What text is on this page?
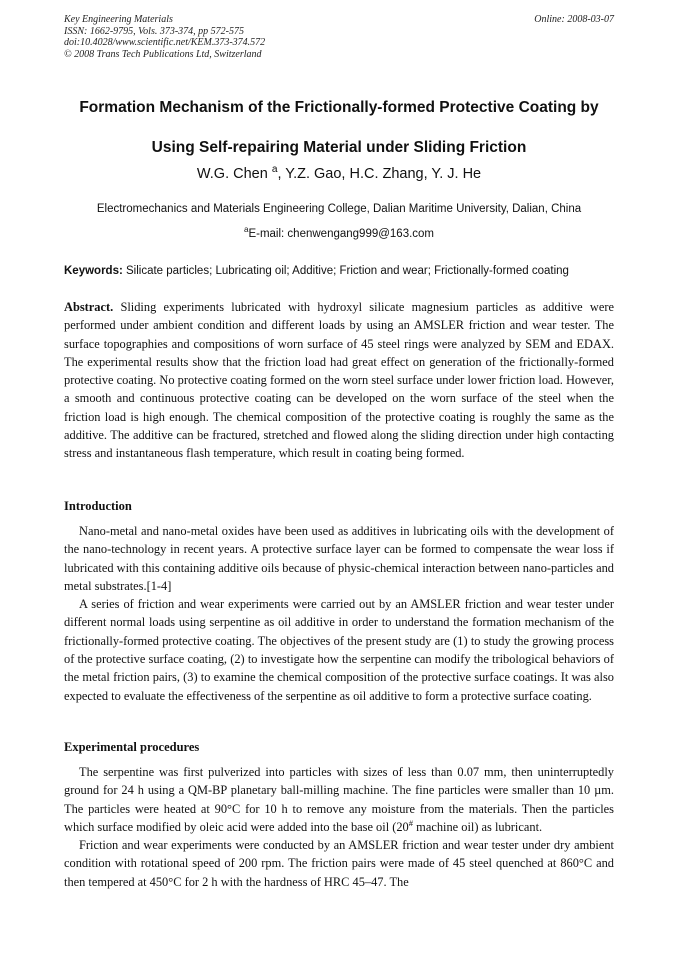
Key Engineering Materials
ISSN: 1662-9795, Vols. 373-374, pp 572-575
doi:10.4028/www.scientific.net/KEM.373-374.572
© 2008 Trans Tech Publications Ltd, Switzerland
Online: 2008-03-07
Formation Mechanism of the Frictionally-formed Protective Coating by
Using Self-repairing Material under Sliding Friction
W.G. Chen $^a$, Y.Z. Gao, H.C. Zhang, Y. J. He
Electromechanics and Materials Engineering College, Dalian Maritime University, Dalian, China
$^a$E-mail: chenwengang999@163.com
Keywords: Silicate particles; Lubricating oil; Additive; Friction and wear; Frictionally-formed coating
Abstract. Sliding experiments lubricated with hydroxyl silicate magnesium particles as additive were performed under ambient condition and different loads by using an AMSLER friction and wear tester. The surface topographies and compositions of worn surface of 45 steel rings were analyzed by SEM and EDAX. The experimental results show that the friction load had great effect on generation of the frictionally-formed protective coating. No protective coating formed on the worn steel surface under lower friction load. However, a smooth and continuous protective coating can be developed on the worn surface of the steel when the friction load is high enough. The chemical composition of the protective coating is roughly the same as the additive. The additive can be fractured, stretched and flowed along the sliding direction under high contacting stress and instantaneous flash temperature, which result in coating being formed.
Introduction

Nano-metal and nano-metal oxides have been used as additives in lubricating oils with the development of the nano-technology in recent years. A protective surface layer can be formed to compensate the wear loss if lubricated with this containing additive oils because of physic-chemical interaction between nano-particles and metal substrates.[1-4]

A series of friction and wear experiments were carried out by an AMSLER friction and wear tester under different normal loads using serpentine as oil additive in order to understand the formation mechanism of the frictionally-formed protective coating. The objectives of the present study are (1) to study the growing process of the protective surface coating, (2) to investigate how the serpentine can modify the tribological behaviors of the metal friction pairs, (3) to examine the chemical composition of the protective surface coatings. It was also expected to evaluate the effectiveness of the serpentine as oil additive to form a protective surface coating.

Experimental procedures

The serpentine was first pulverized into particles with sizes of less than 0.07 mm, then uninterruptedly ground for 24 h using a QM-BP planetary ball-milling machine. The fine particles were smaller than 10 µm. The particles were heated at 90°C for 10 h to remove any moisture from the materials. Then the particles which surface modified by oleic acid were added into the base oil (20# machine oil) as lubricant.

Friction and wear experiments were conducted by an AMSLER friction and wear tester under dry ambient condition with rotational speed of 200 rpm. The friction pairs were made of 45 steel quenched at 860°C and then tempered at 450°C for 2 h with the hardness of HRC 45–47. The
